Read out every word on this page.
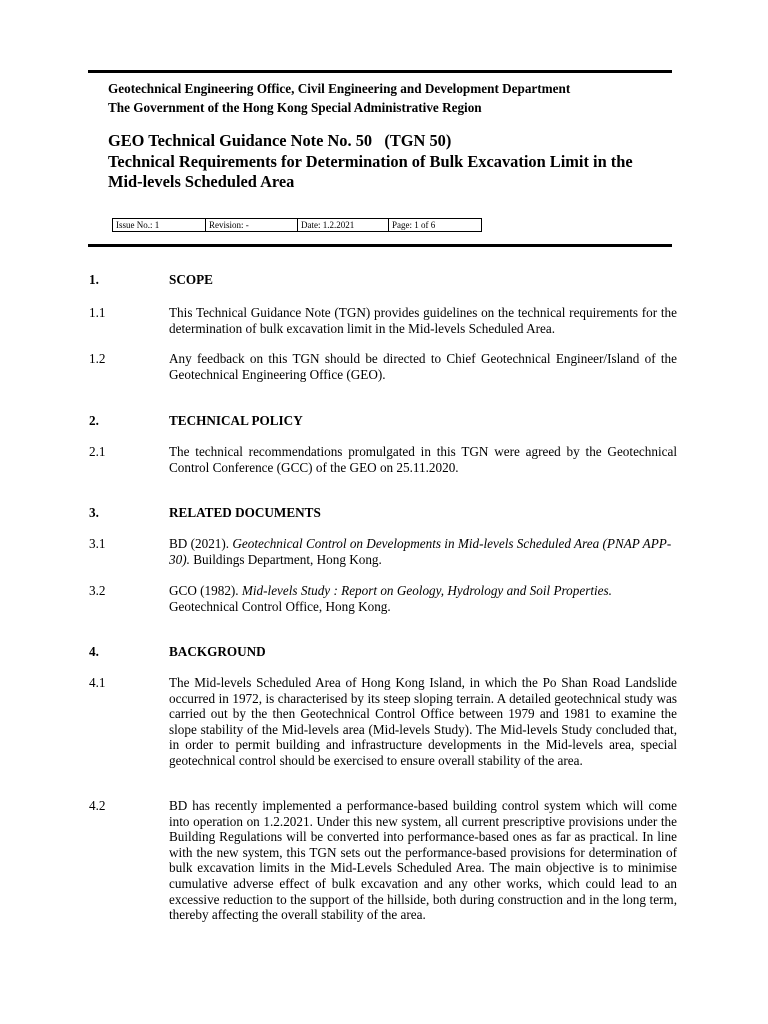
Geotechnical Engineering Office, Civil Engineering and Development Department
The Government of the Hong Kong Special Administrative Region
GEO Technical Guidance Note No. 50   (TGN 50)
Technical Requirements for Determination of Bulk Excavation Limit in the Mid-levels Scheduled Area
Issue No.: 1	Revision: -	Date: 1.2.2021	Page: 1 of 6
1.	SCOPE
1.1	This Technical Guidance Note (TGN) provides guidelines on the technical requirements for the determination of bulk excavation limit in the Mid-levels Scheduled Area.

1.2	Any feedback on this TGN should be directed to Chief Geotechnical Engineer/Island of the Geotechnical Engineering Office (GEO).

2.	TECHNICAL POLICY
2.1	The technical recommendations promulgated in this TGN were agreed by the Geotechnical Control Conference (GCC) of the GEO on 25.11.2020.

3.	RELATED DOCUMENTS
3.1	BD (2021). Geotechnical Control on Developments in Mid-levels Scheduled Area (PNAP APP-30). Buildings Department, Hong Kong.

3.2	GCO (1982). Mid-levels Study : Report on Geology, Hydrology and Soil Properties. Geotechnical Control Office, Hong Kong.

4.	BACKGROUND
4.1	The Mid-levels Scheduled Area of Hong Kong Island, in which the Po Shan Road Landslide occurred in 1972, is characterised by its steep sloping terrain. A detailed geotechnical study was carried out by the then Geotechnical Control Office between 1979 and 1981 to examine the slope stability of the Mid-levels area (Mid-levels Study). The Mid-levels Study concluded that, in order to permit building and infrastructure developments in the Mid-levels area, special geotechnical control should be exercised to ensure overall stability of the area.

4.2	BD has recently implemented a performance-based building control system which will come into operation on 1.2.2021. Under this new system, all current prescriptive provisions under the Building Regulations will be converted into performance-based ones as far as practical. In line with the new system, this TGN sets out the performance-based provisions for determination of bulk excavation limits in the Mid-Levels Scheduled Area. The main objective is to minimise cumulative adverse effect of bulk excavation and any other works, which could lead to an excessive reduction to the support of the hillside, both during construction and in the long term, thereby affecting the overall stability of the area.
